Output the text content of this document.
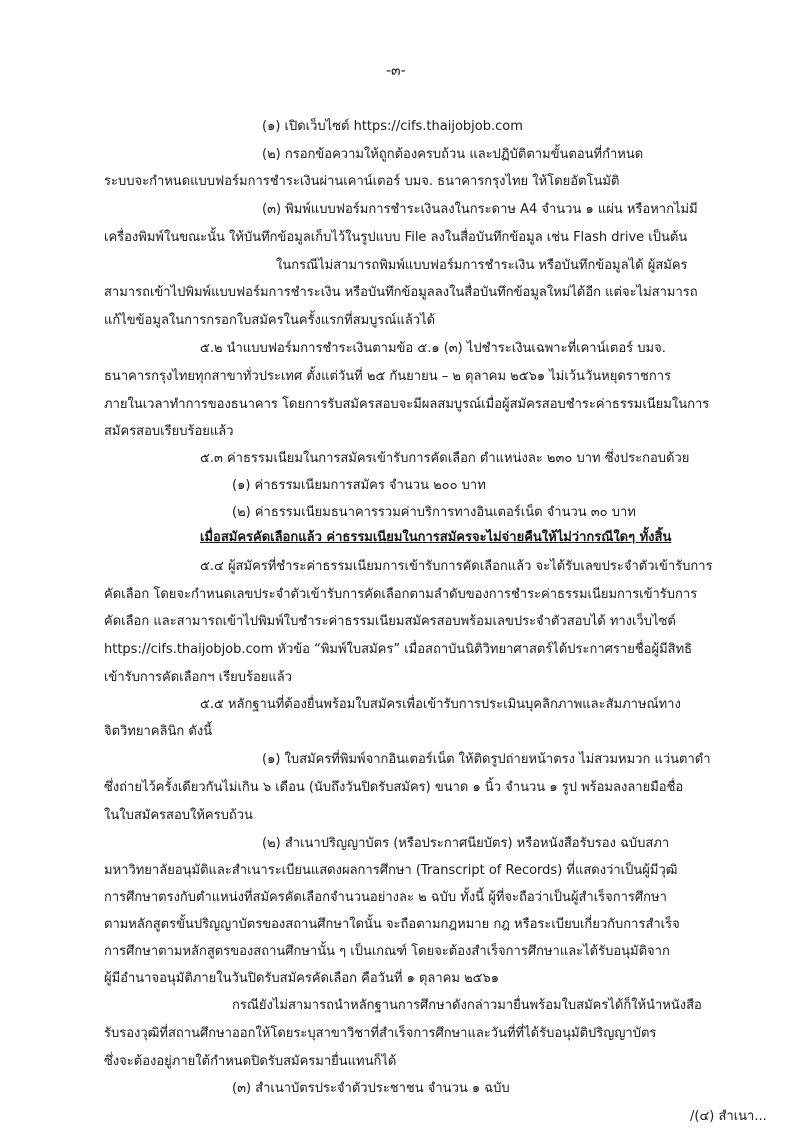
-๓-
(๑) เปิดเว็บไซต์ https://cifs.thaijobjob.com
(๒) กรอกข้อความให้ถูกต้องครบถ้วน และปฏิบัติตามขั้นตอนที่กำหนด
ระบบจะกำหนดแบบฟอร์มการชำระเงินผ่านเคาน์เตอร์ บมจ. ธนาคารกรุงไทย ให้โดยอัตโนมัติ
(๓) พิมพ์แบบฟอร์มการชำระเงินลงในกระดาษ A4 จำนวน ๑ แผ่น หรือหากไม่มี
เครื่องพิมพ์ในขณะนั้น ให้บันทึกข้อมูลเก็บไว้ในรูปแบบ File ลงในสื่อบันทึกข้อมูล เช่น Flash drive เป็นต้น
ในกรณีไม่สามารถพิมพ์แบบฟอร์มการชำระเงิน หรือบันทึกข้อมูลได้ ผู้สมัคร
สามารถเข้าไปพิมพ์แบบฟอร์มการชำระเงิน หรือบันทึกข้อมูลลงในสื่อบันทึกข้อมูลใหม่ได้อีก แต่จะไม่สามารถ
แก้ไขข้อมูลในการกรอกใบสมัครในครั้งแรกที่สมบูรณ์แล้วได้
๕.๒ นำแบบฟอร์มการชำระเงินตามข้อ ๕.๑ (๓) ไปชำระเงินเฉพาะที่เคาน์เตอร์ บมจ.
ธนาคารกรุงไทยทุกสาขาทั่วประเทศ ตั้งแต่วันที่ ๒๕ กันยายน – ๒ ตุลาคม ๒๕๖๑ ไม่เว้นวันหยุดราชการ
ภายในเวลาทำการของธนาคาร โดยการรับสมัครสอบจะมีผลสมบูรณ์เมื่อผู้สมัครสอบชำระค่าธรรมเนียมในการ
สมัครสอบเรียบร้อยแล้ว
๕.๓ ค่าธรรมเนียมในการสมัครเข้ารับการคัดเลือก ตำแหน่งละ ๒๓๐ บาท ซึ่งประกอบด้วย
(๑) ค่าธรรมเนียมการสมัคร จำนวน ๒๐๐ บาท
(๒) ค่าธรรมเนียมธนาคารรวมค่าบริการทางอินเตอร์เน็ต จำนวน ๓๐ บาท
เมื่อสมัครคัดเลือกแล้ว ค่าธรรมเนียมในการสมัครจะไม่จ่ายคืนให้ไม่ว่ากรณีใดๆ ทั้งสิ้น
๕.๔ ผู้สมัครที่ชำระค่าธรรมเนียมการเข้ารับการคัดเลือกแล้ว จะได้รับเลขประจำตัวเข้ารับการ
คัดเลือก โดยจะกำหนดเลขประจำตัวเข้ารับการคัดเลือกตามลำดับของการชำระค่าธรรมเนียมการเข้ารับการ
คัดเลือก และสามารถเข้าไปพิมพ์ใบชำระค่าธรรมเนียมสมัครสอบพร้อมเลขประจำตัวสอบได้ ทางเว็บไซต์
https://cifs.thaijobjob.com หัวข้อ “พิมพ์ใบสมัคร” เมื่อสถาบันนิติวิทยาศาสตร์ได้ประกาศรายชื่อผู้มีสิทธิ
เข้ารับการคัดเลือกฯ เรียบร้อยแล้ว
๕.๕ หลักฐานที่ต้องยื่นพร้อมใบสมัครเพื่อเข้ารับการประเมินบุคลิกภาพและสัมภาษณ์ทาง
จิตวิทยาคลินิก ดังนี้
(๑) ใบสมัครที่พิมพ์จากอินเตอร์เน็ต ให้ติดรูปถ่ายหน้าตรง ไม่สวมหมวก แว่นตาดำ
ซึ่งถ่ายไว้ครั้งเดียวกันไม่เกิน ๖ เดือน (นับถึงวันปิดรับสมัคร) ขนาด ๑ นิ้ว จำนวน ๑ รูป พร้อมลงลายมือชื่อ
ในใบสมัครสอบให้ครบถ้วน
(๒) สำเนาปริญญาบัตร (หรือประกาศนียบัตร) หรือหนังสือรับรอง ฉบับสภา
มหาวิทยาลัยอนุมัติและสำเนาระเบียนแสดงผลการศึกษา (Transcript of Records) ที่แสดงว่าเป็นผู้มีวุฒิ
การศึกษาตรงกับตำแหน่งที่สมัครคัดเลือกจำนวนอย่างละ ๒ ฉบับ ทั้งนี้ ผู้ที่จะถือว่าเป็นผู้สำเร็จการศึกษา
ตามหลักสูตรขั้นปริญญาบัตรของสถานศึกษาใดนั้น จะถือตามกฎหมาย กฎ หรือระเบียบเกี่ยวกับการสำเร็จ
การศึกษาตามหลักสูตรของสถานศึกษานั้น ๆ เป็นเกณฑ์ โดยจะต้องสำเร็จการศึกษาและได้รับอนุมัติจาก
ผู้มีอำนาจอนุมัติภายในวันปิดรับสมัครคัดเลือก คือวันที่ ๑ ตุลาคม ๒๕๖๑
กรณียังไม่สามารถนำหลักฐานการศึกษาดังกล่าวมายื่นพร้อมใบสมัครได้ก็ให้นำหนังสือ
รับรองวุฒิที่สถานศึกษาออกให้โดยระบุสาขาวิชาที่สำเร็จการศึกษาและวันที่ที่ได้รับอนุมัติปริญญาบัตร
ซึ่งจะต้องอยู่ภายใต้กำหนดปิดรับสมัครมายื่นแทนก็ได้
(๓) สำเนาบัตรประจำตัวประชาชน จำนวน ๑ ฉบับ
/(๔) สำเนา...
